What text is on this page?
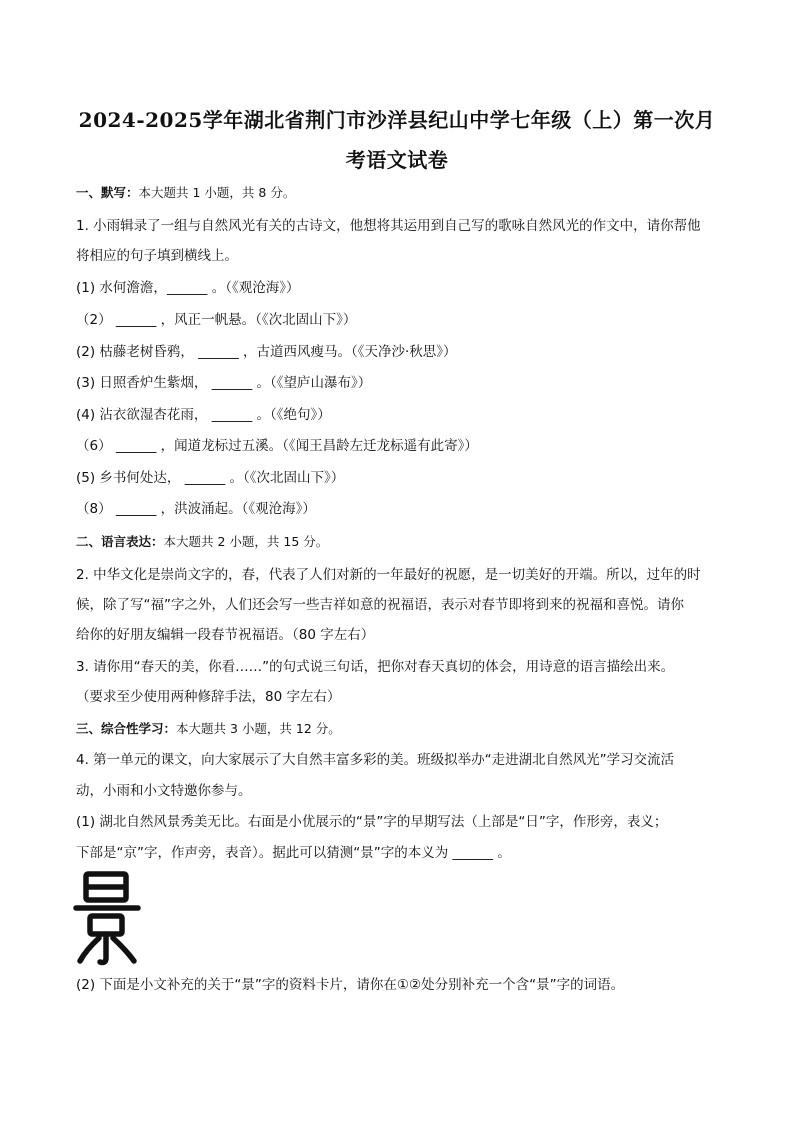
2024-2025学年湖北省荆门市沙洋县纪山中学七年级（上）第一次月
考语文试卷
一、默写：本大题共 1 小题，共 8 分。
1. 小雨辑录了一组与自然风光有关的古诗文，他想将其运用到自己写的歌咏自然风光的作文中，请你帮他
将相应的句子填到横线上。
(1) 水何澹澹，______ 。（《观沧海》）
（2） ______ ，风正一帆悬。（《次北固山下》）
(2) 枯藤老树昏鸦， ______ ，古道西风瘦马。（《天净沙·秋思》）
(3) 日照香炉生紫烟， ______ 。（《望庐山瀑布》）
(4) 沾衣欲湿杏花雨， ______ 。（《绝句》）
（6） ______ ，闻道龙标过五溪。（《闻王昌龄左迁龙标遥有此寄》）
(5) 乡书何处达， ______ 。（《次北固山下》）
（8） ______ ，洪波涌起。（《观沧海》）
二、语言表达：本大题共 2 小题，共 15 分。
2. 中华文化是崇尚文字的，春，代表了人们对新的一年最好的祝愿，是一切美好的开端。所以，过年的时
候，除了写“福”字之外，人们还会写一些吉祥如意的祝福语，表示对春节即将到来的祝福和喜悦。请你
给你的好朋友编辑一段春节祝福语。（80 字左右）
3. 请你用“春天的美，你看……”的句式说三句话，把你对春天真切的体会，用诗意的语言描绘出来。
（要求至少使用两种修辞手法，80 字左右）
三、综合性学习：本大题共 3 小题，共 12 分。
4. 第一单元的课文，向大家展示了大自然丰富多彩的美。班级拟举办“走进湖北自然风光”学习交流活
动，小雨和小文特邀你参与。
(1) 湖北自然风景秀美无比。右面是小优展示的“景”字的早期写法（上部是“日”字，作形旁，表义；
下部是“京”字，作声旁，表音）。据此可以猜测“景”字的本义为 ______ 。
(2) 下面是小文补充的关于“景”字的资料卡片，请你在①②处分别补充一个含“景”字的词语。
